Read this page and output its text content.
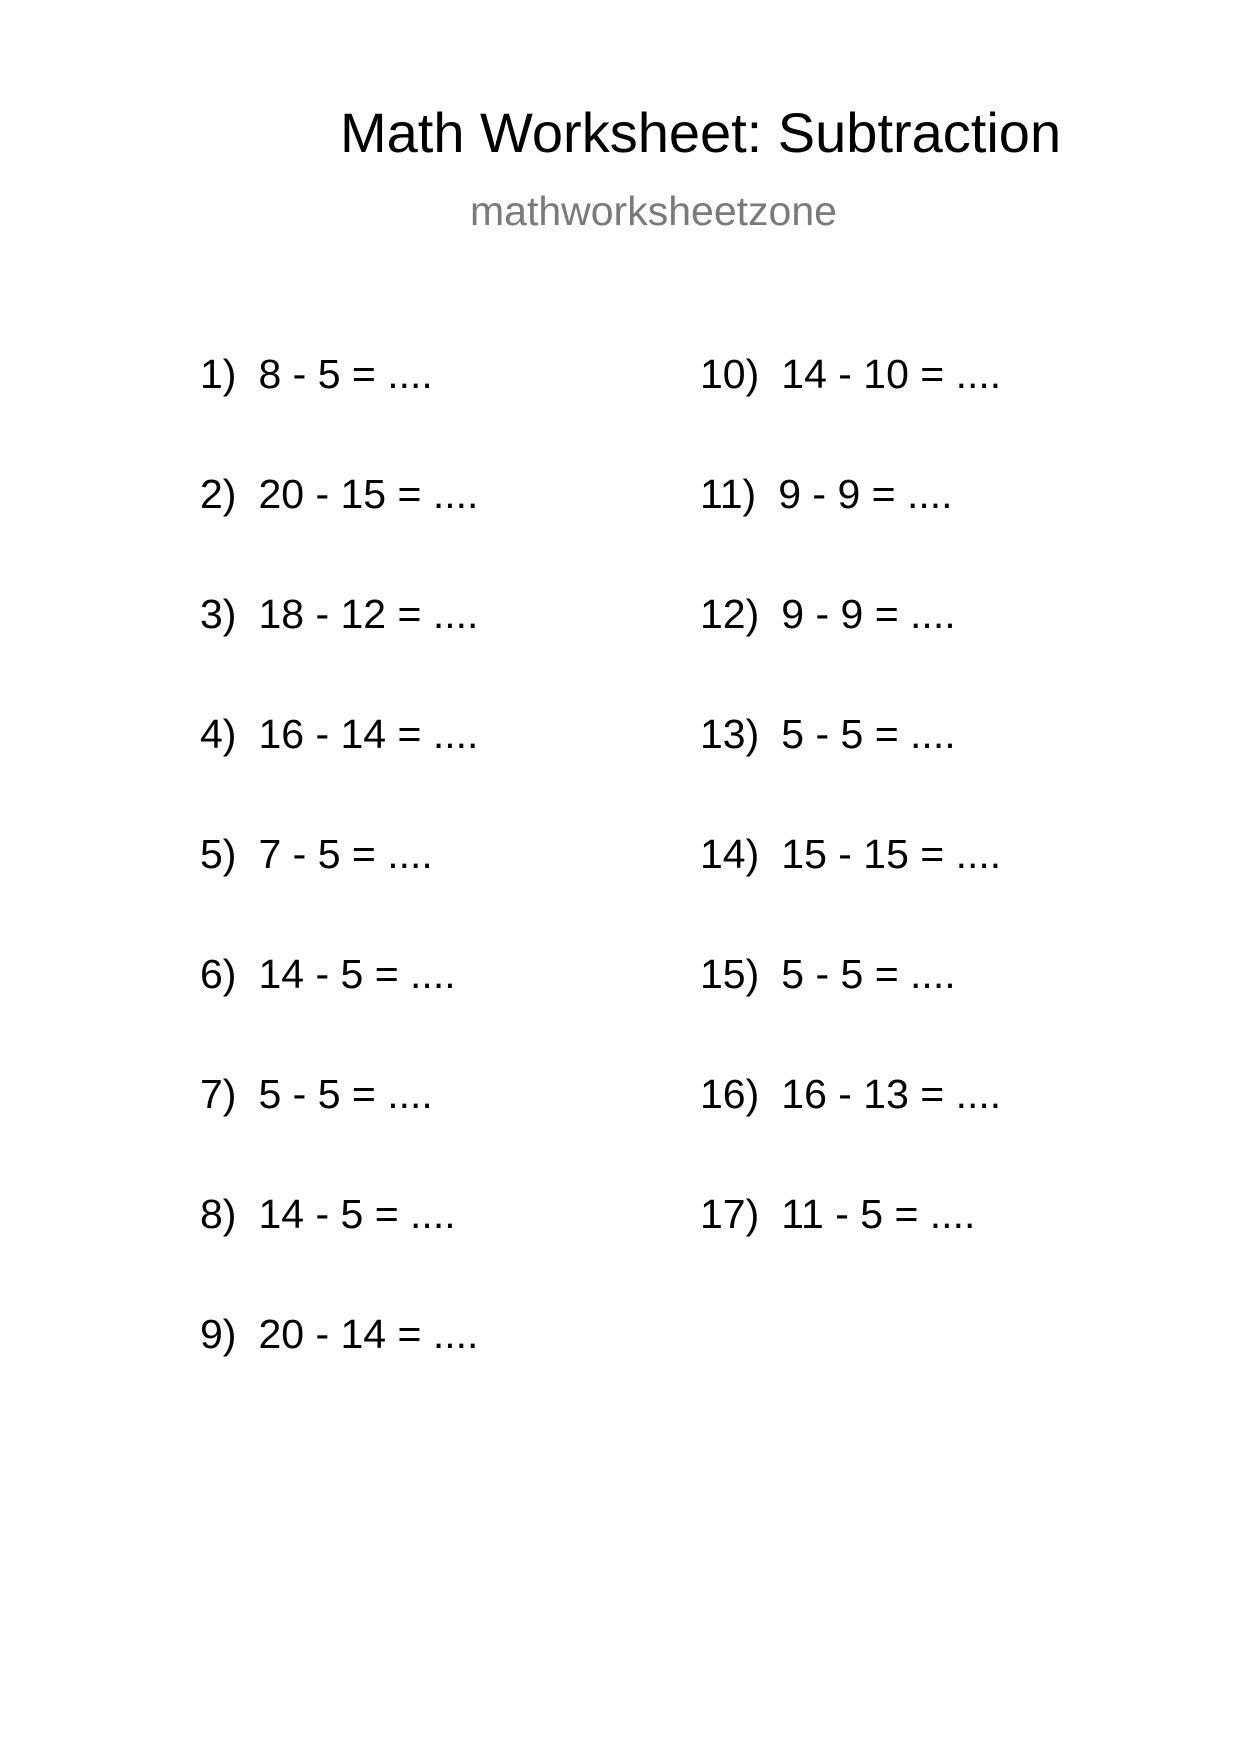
Math Worksheet: Subtraction
mathworksheetzone
1) 8 - 5 = ....
2) 20 - 15 = ....
3) 18 - 12 = ....
4) 16 - 14 = ....
5) 7 - 5 = ....
6) 14 - 5 = ....
7) 5 - 5 = ....
8) 14 - 5 = ....
9) 20 - 14 = ....
10) 14 - 10 = ....
11) 9 - 9 = ....
12) 9 - 9 = ....
13) 5 - 5 = ....
14) 15 - 15 = ....
15) 5 - 5 = ....
16) 16 - 13 = ....
17) 11 - 5 = ....
